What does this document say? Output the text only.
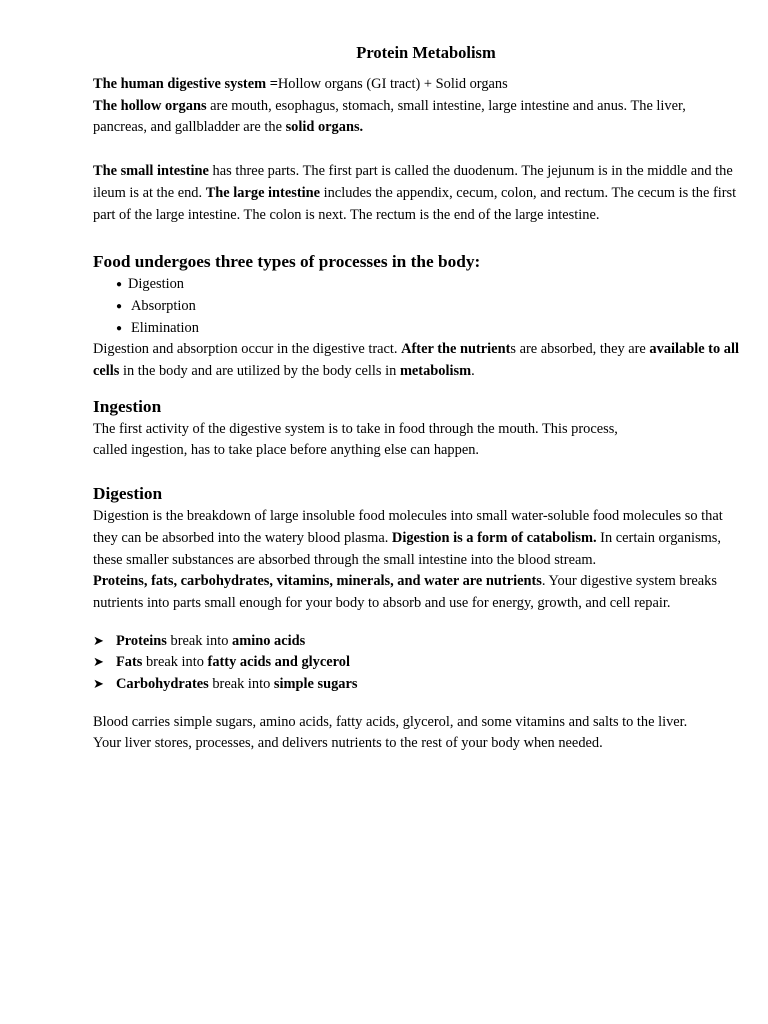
Protein Metabolism

The human digestive system =Hollow organs (GI tract) + Solid organs

The hollow organs are mouth, esophagus, stomach, small intestine, large intestine and anus. The liver, pancreas, and gallbladder are the solid organs.

The small intestine has three parts. The first part is called the duodenum. The jejunum is in the middle and the ileum is at the end. The large intestine includes the appendix, cecum, colon, and rectum. The cecum is the first part of the large intestine. The colon is next. The rectum is the end of the large intestine.

Food undergoes three types of processes in the body:
● Digestion
● Absorption
● Elimination

Digestion and absorption occur in the digestive tract. After the nutrients are absorbed, they are available to all cells in the body and are utilized by the body cells in metabolism.

Ingestion

The first activity of the digestive system is to take in food through the mouth. This process,

called ingestion, has to take place before anything else can happen.

Digestion

Digestion is the breakdown of large insoluble food molecules into small water-soluble food molecules so that they can be absorbed into the watery blood plasma. Digestion is a form of catabolism. In certain organisms, these smaller substances are absorbed through the small intestine into the blood stream.

Proteins, fats, carbohydrates, vitamins, minerals, and water are nutrients. Your digestive system breaks nutrients into parts small enough for your body to absorb and use for energy, growth, and cell repair.

➤ Proteins break into amino acids
➤ Fats break into fatty acids and glycerol
➤ Carbohydrates break into simple sugars

Blood carries simple sugars, amino acids, fatty acids, glycerol, and some vitamins and salts to the liver.

Your liver stores, processes, and delivers nutrients to the rest of your body when needed.
